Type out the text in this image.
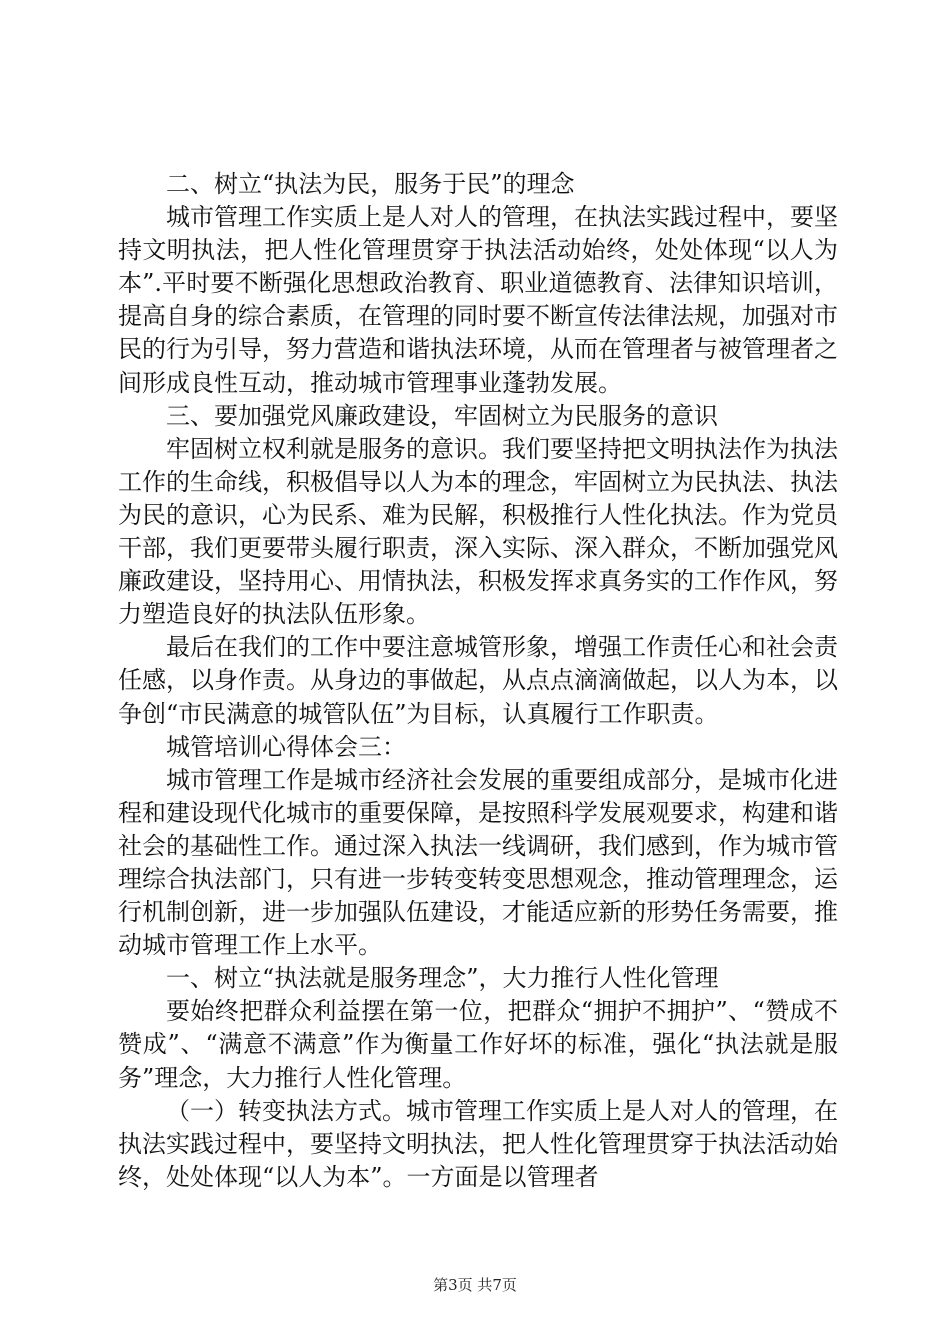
二、树立“执法为民，服务于民”的理念

城市管理工作实质上是人对人的管理，在执法实践过程中，要坚持文明执法，把人性化管理贯穿于执法活动始终，处处体现“以人为本”.平时要不断强化思想政治教育、职业道德教育、法律知识培训，提高自身的综合素质，在管理的同时要不断宣传法律法规，加强对市民的行为引导，努力营造和谐执法环境，从而在管理者与被管理者之间形成良性互动，推动城市管理事业蓬勃发展。

三、要加强党风廉政建设，牢固树立为民服务的意识

牢固树立权利就是服务的意识。我们要坚持把文明执法作为执法工作的生命线，积极倡导以人为本的理念，牢固树立为民执法、执法为民的意识，心为民系、难为民解，积极推行人性化执法。作为党员干部，我们更要带头履行职责，深入实际、深入群众，不断加强党风廉政建设，坚持用心、用情执法，积极发挥求真务实的工作作风，努力塑造良好的执法队伍形象。

最后在我们的工作中要注意城管形象，增强工作责任心和社会责任感，以身作责。从身边的事做起，从点点滴滴做起，以人为本，以争创“市民满意的城管队伍”为目标，认真履行工作职责。

城管培训心得体会三：

城市管理工作是城市经济社会发展的重要组成部分，是城市化进程和建设现代化城市的重要保障，是按照科学发展观要求，构建和谐社会的基础性工作。通过深入执法一线调研，我们感到，作为城市管理综合执法部门，只有进一步转变转变思想观念，推动管理理念，运行机制创新，进一步加强队伍建设，才能适应新的形势任务需要，推动城市管理工作上水平。

一、树立“执法就是服务理念”，大力推行人性化管理

要始终把群众利益摆在第一位，把群众“拥护不拥护”、“赞成不赞成”、“满意不满意”作为衡量工作好坏的标准，强化“执法就是服务”理念，大力推行人性化管理。

（一）转变执法方式。城市管理工作实质上是人对人的管理，在执法实践过程中，要坚持文明执法，把人性化管理贯穿于执法活动始终，处处体现“以人为本”。一方面是以管理者

第3页 共7页
